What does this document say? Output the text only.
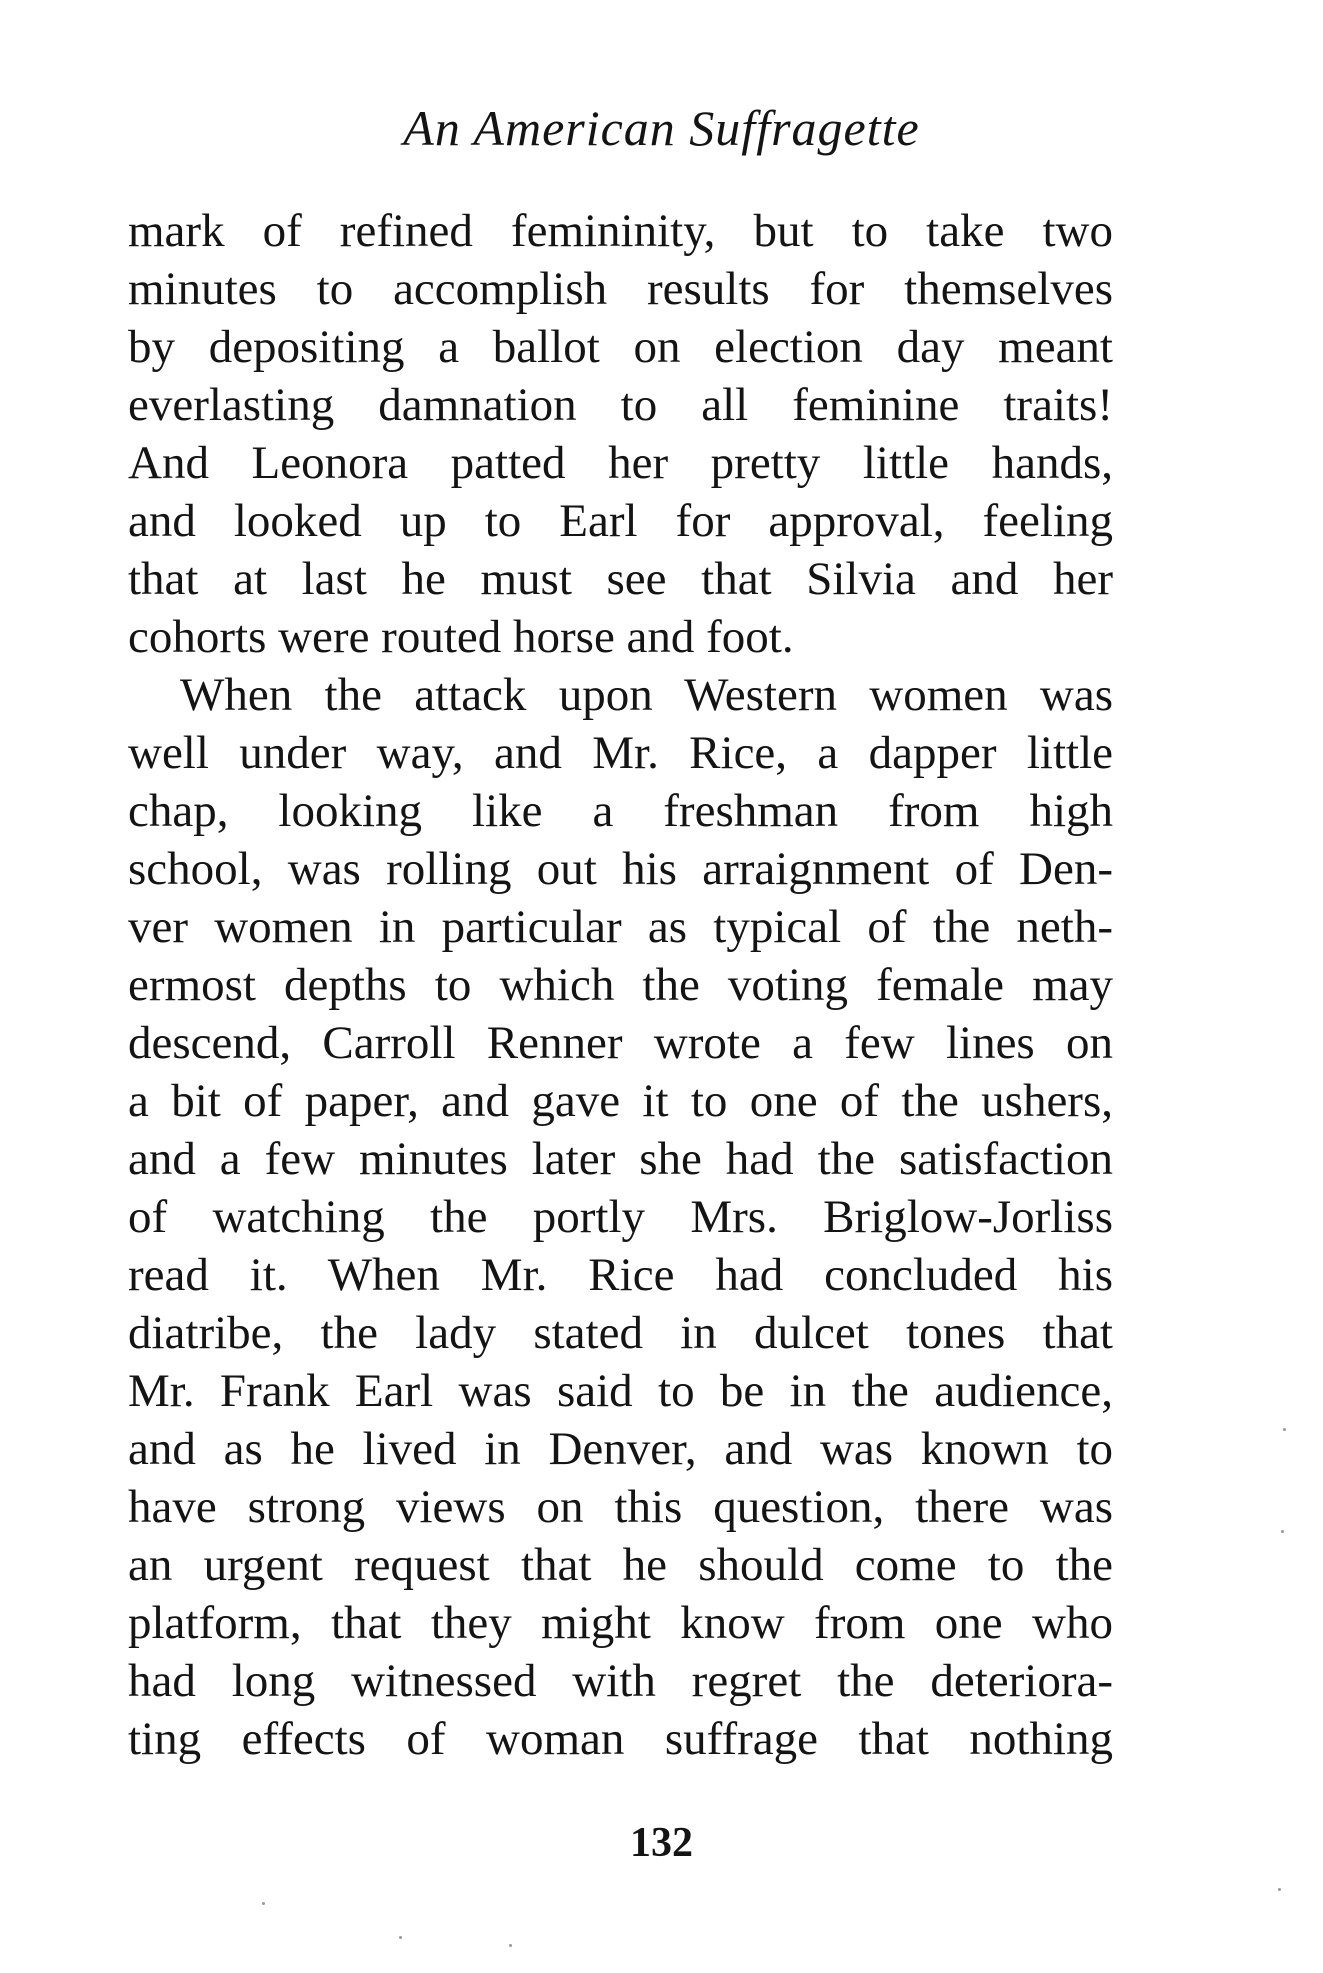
An American Suffragette
mark of refined femininity, but to take two
minutes to accomplish results for themselves
by depositing a ballot on election day meant
everlasting damnation to all feminine traits!
And Leonora patted her pretty little hands,
and looked up to Earl for approval, feeling
that at last he must see that Silvia and her
cohorts were routed horse and foot.
When the attack upon Western women was
well under way, and Mr. Rice, a dapper little
chap, looking like a freshman from high
school, was rolling out his arraignment of Den-
ver women in particular as typical of the neth-
ermost depths to which the voting female may
descend, Carroll Renner wrote a few lines on
a bit of paper, and gave it to one of the ushers,
and a few minutes later she had the satisfaction
of watching the portly Mrs. Briglow-Jorliss
read it. When Mr. Rice had concluded his
diatribe, the lady stated in dulcet tones that
Mr. Frank Earl was said to be in the audience,
and as he lived in Denver, and was known to
have strong views on this question, there was
an urgent request that he should come to the
platform, that they might know from one who
had long witnessed with regret the deteriora-
ting effects of woman suffrage that nothing
132
